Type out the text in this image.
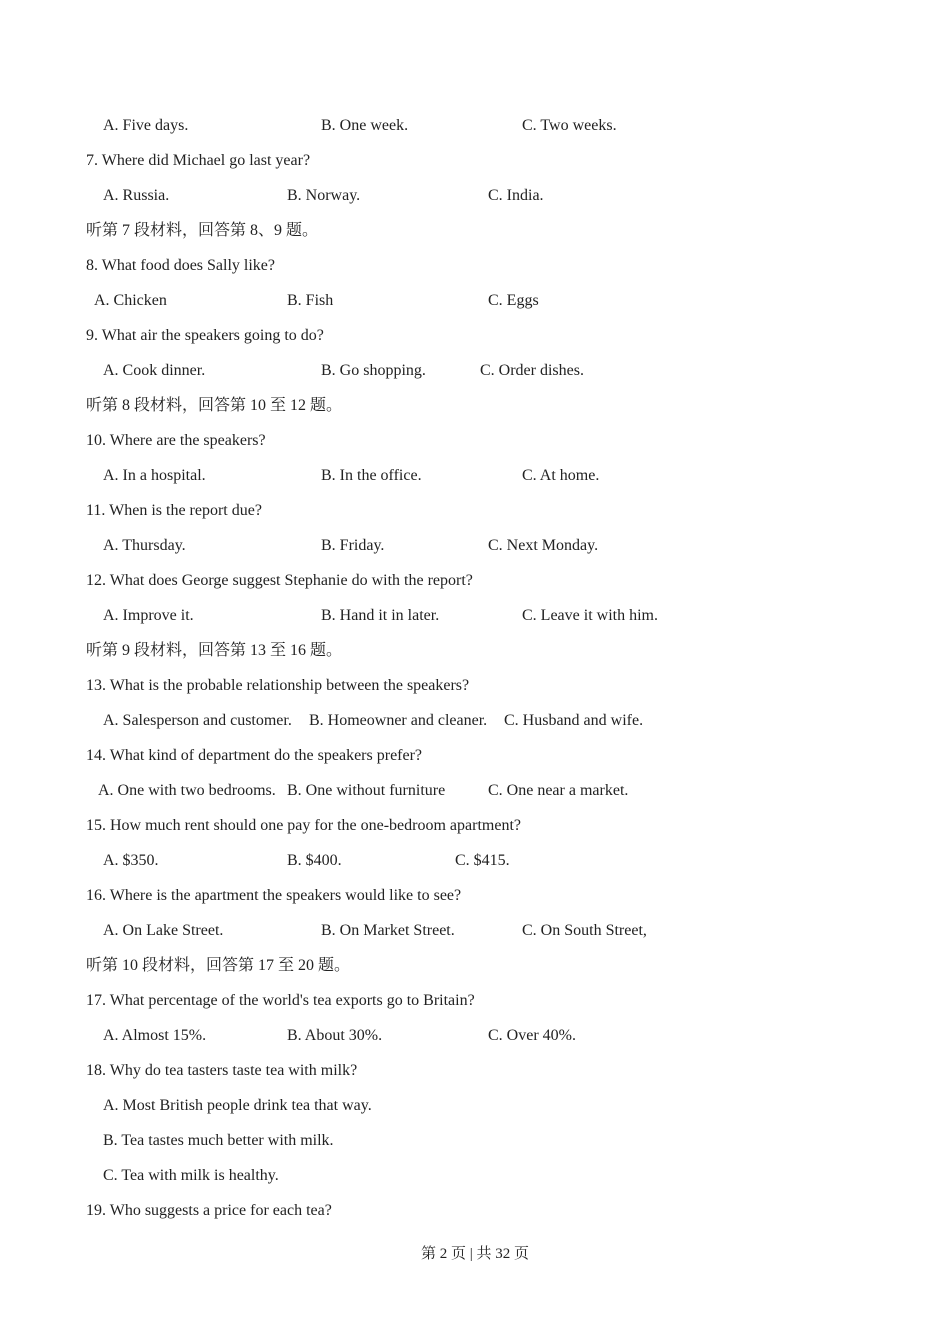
A. Five days.	B. One week.	C. Two weeks.
7. Where did Michael go last year?
A. Russia.	B. Norway.	C. India.
听第 7 段材料，回答第 8、9 题。
8. What food does Sally like?
A. Chicken	B. Fish	C. Eggs
9. What air the speakers going to do?
A. Cook dinner.	B. Go shopping.	C. Order dishes.
听第 8 段材料，回答第 10 至 12 题。
10. Where are the speakers?
A. In a hospital.	B. In the office.	C. At home.
11. When is the report due?
A. Thursday.	B. Friday.	C. Next Monday.
12. What does George suggest Stephanie do with the report?
A. Improve it.	B. Hand it in later.	C. Leave it with him.
听第 9 段材料，回答第 13 至 16 题。
13. What is the probable relationship between the speakers?
A. Salesperson and customer. B. Homeowner and cleaner. C. Husband and wife.
14. What kind of department do the speakers prefer?
A. One with two bedrooms. B. One without furniture	C. One near a market.
15. How much rent should one pay for the one-bedroom apartment?
A. $350.	B. $400.	C. $415.
16. Where is the apartment the speakers would like to see?
A. On Lake Street.	B. On Market Street.	C. On South Street,
听第 10 段材料，回答第 17 至 20 题。
17. What percentage of the world's tea exports go to Britain?
A. Almost 15%.	B. About 30%.	C. Over 40%.
18. Why do tea tasters taste tea with milk?
A. Most British people drink tea that way.
B. Tea tastes much better with milk.
C. Tea with milk is healthy.
19. Who suggests a price for each tea?
第 2 页 | 共 32 页
